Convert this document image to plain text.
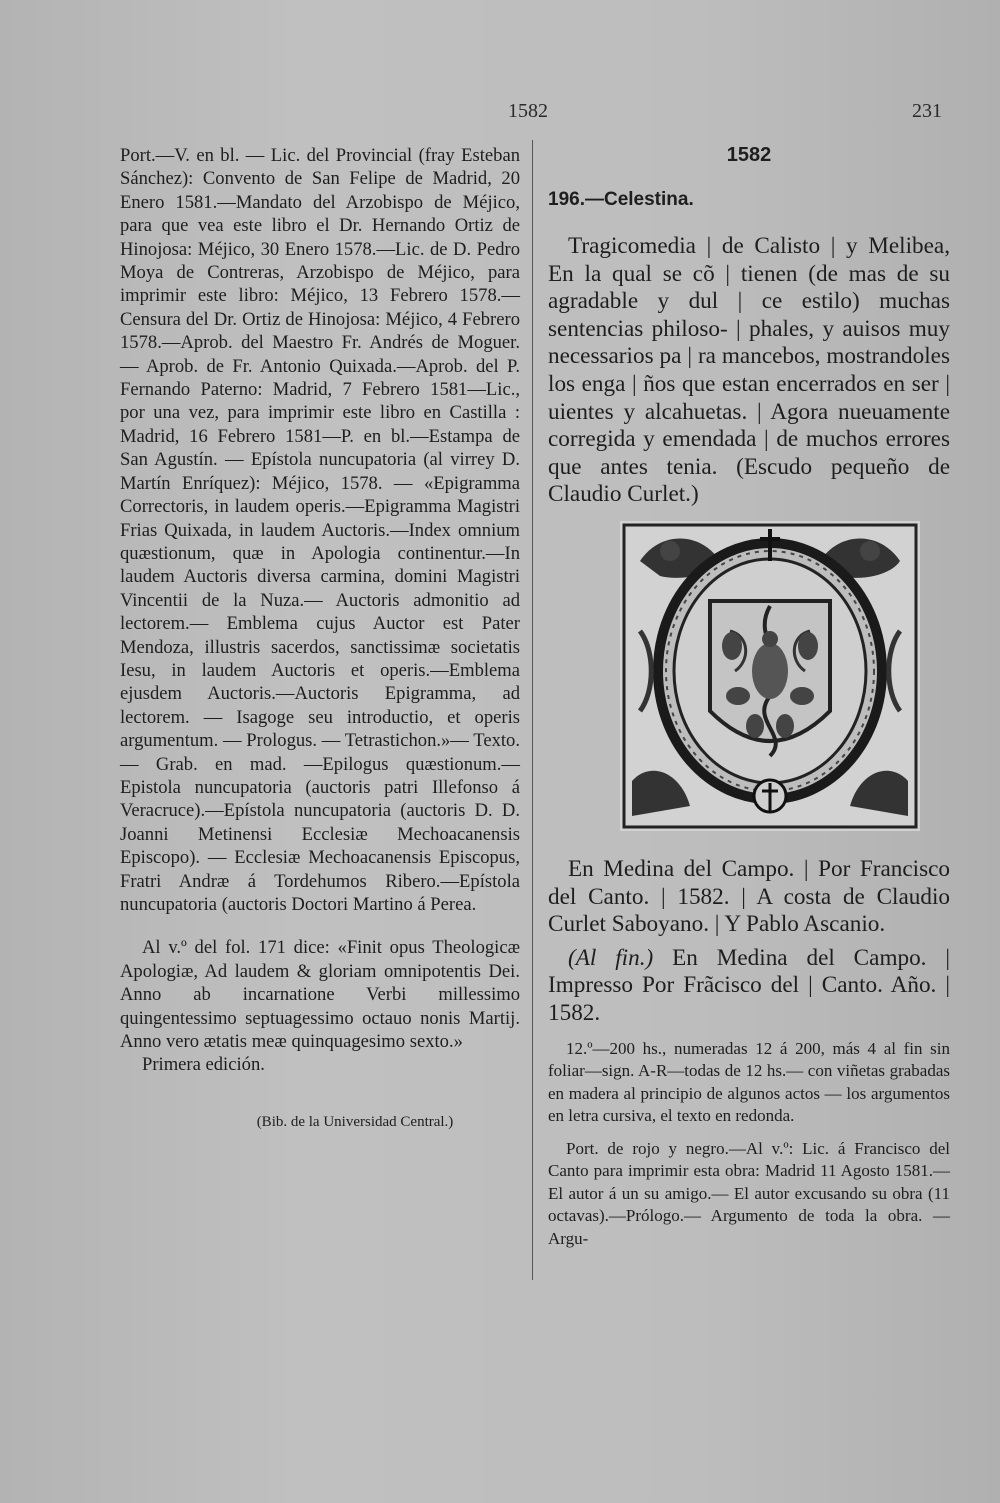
1582	231

Port.—V. en bl. — Lic. del Provincial (fray Esteban Sánchez): Convento de San Felipe de Madrid, 20 Enero 1581.—Mandato del Arzobispo de Méjico, para que vea este libro el Dr. Hernando Ortiz de Hinojosa: Méjico, 30 Enero 1578.—Lic. de D. Pedro Moya de Contreras, Arzobispo de Méjico, para imprimir este libro: Méjico, 13 Febrero 1578.—Censura del Dr. Ortiz de Hinojosa: Méjico, 4 Febrero 1578.—Aprob. del Maestro Fr. Andrés de Moguer. — Aprob. de Fr. Antonio Quixada.—Aprob. del P. Fernando Paterno: Madrid, 7 Febrero 1581—Lic., por una vez, para imprimir este libro en Castilla : Madrid, 16 Febrero 1581—P. en bl.—Estampa de San Agustín. — Epístola nuncupatoria (al virrey D. Martín Enríquez): Méjico, 1578. — «Epigramma Correctoris, in laudem operis.—Epigramma Magistri Frias Quixada, in laudem Auctoris.—Index omnium quæstionum, quæ in Apologia continentur.—In laudem Auctoris diversa carmina, domini Magistri Vincentii de la Nuza.— Auctoris admonitio ad lectorem.— Emblema cujus Auctor est Pater Mendoza, illustris sacerdos, sanctissimæ societatis Iesu, in laudem Auctoris et operis.—Emblema ejusdem Auctoris.—Auctoris Epigramma, ad lectorem. — Isagoge seu introductio, et operis argumentum. — Prologus. — Tetrastichon.»— Texto. — Grab. en mad. —Epilogus quæstionum.— Epistola nuncupatoria (auctoris patri Illefonso á Veracruce).—Epístola nuncupatoria (auctoris D. D. Joanni Metinensi Ecclesiæ Mechoacanensis Episcopo). — Ecclesiæ Mechoacanensis Episcopus, Fratri Andræ á Tordehumos Ribero.—Epístola nuncupatoria (auctoris Doctori Martino á Perea.

Al v.º del fol. 171 dice: «Finit opus Theologicæ Apologiæ, Ad laudem & gloriam omnipotentis Dei. Anno ab incarnatione Verbi millessimo quingentessimo septuagessimo octauo nonis Martij. Anno vero ætatis meæ quinquagesimo sexto.»

Primera edición.

(Bib. de la Universidad Central.)

1582
196.—Celestina.

Tragicomedia | de Calisto | y Melibea, En la qual se cõ | tienen (de mas de su agradable y dul | ce estilo) muchas sentencias philoso- | phales, y auisos muy necessarios pa | ra mancebos, mostrandoles los enga | ños que estan encerrados en ser | uientes y alcahuetas. | Agora nueuamente corregida y emendada | de muchos errores que antes tenia. (Escudo pequeño de Claudio Curlet.)

En Medina del Campo. | Por Francisco del Canto. | 1582. | A costa de Claudio Curlet Saboyano. | Y Pablo Ascanio.

(Al fin.) En Medina del Campo. | Impresso Por Frãcisco del | Canto. Año. | 1582.

12.º—200 hs., numeradas 12 á 200, más 4 al fin sin foliar—sign. A-R—todas de 12 hs.— con viñetas grabadas en madera al principio de algunos actos — los argumentos en letra cursiva, el texto en redonda.

Port. de rojo y negro.—Al v.º: Lic. á Francisco del Canto para imprimir esta obra: Madrid 11 Agosto 1581.—El autor á un su amigo.— El autor excusando su obra (11 octavas).—Prólogo.— Argumento de toda la obra. — Argu-
